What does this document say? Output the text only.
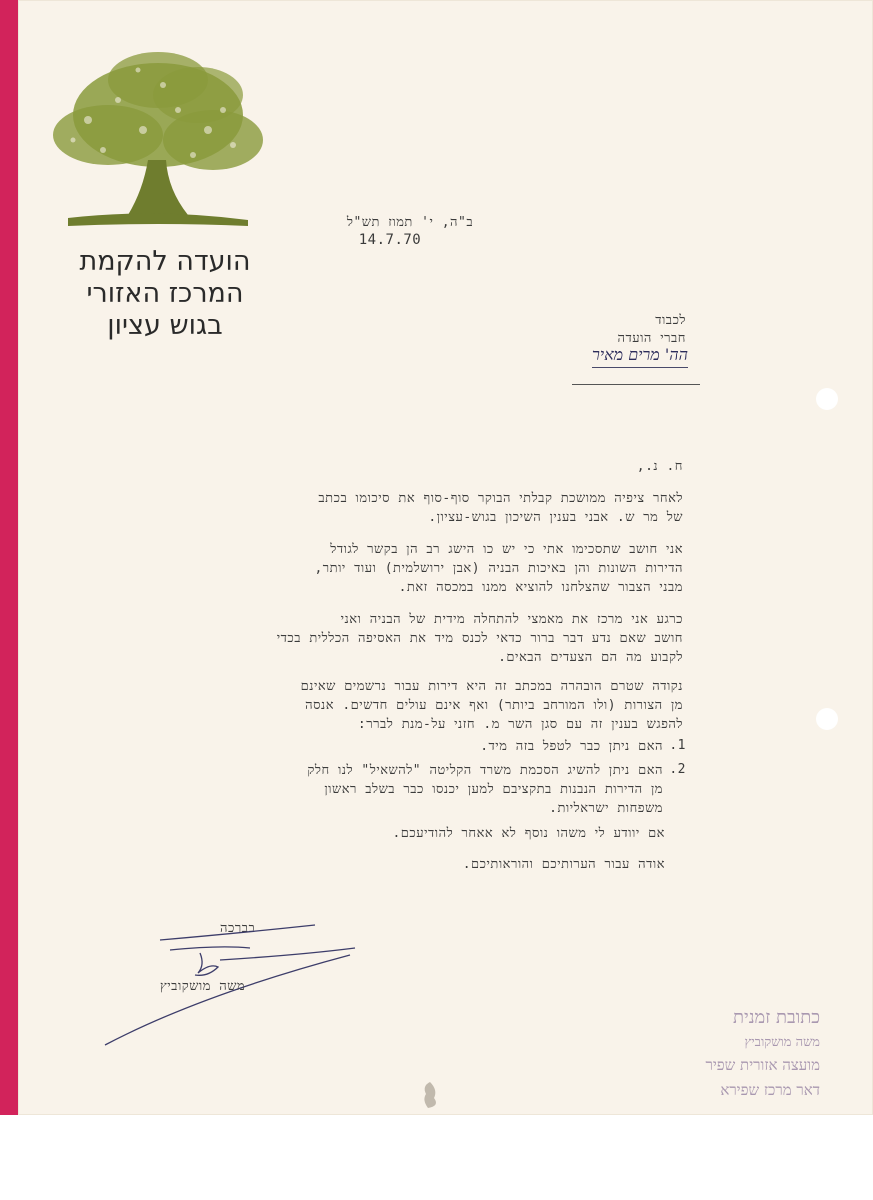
הועדה להקמת
המרכז האזורי
בגוש עציון
ב"ה, י' תמוז תש"ל
14.7.70
לכבוד
חברי הועדה
הה' מרים מאיר
ח. נ.,
לאחר ציפיה ממושכת קבלתי הבוקר סוף-סוף את סיכומו בכתב
של מר ש. אבני בענין השיכון בגוש-עציון.
אני חושב שתסכימו אתי כי יש כו הישג רב הן בקשר לגודל
הדירות השונות והן באיכות הבניה (אבן ירושלמית) ועוד יותר,
מבני הצבור שהצלחנו להוציא ממנו במכסה זאת.
כרגע אני מרכז את מאמצי להתחלה מידית של הבניה ואני
חושב שאם נדע דבר ברור כדאי לכנס מיד את האסיפה הכללית בכדי
לקבוע מה הם הצעדים הבאים.
נקודה שטרם הובהרה במכתב זה היא דירות עבור נרשמים שאינם
מן הצורות (ולו המורחב ביותר) ואף אינם עולים חדשים. אנסה
להפגש בענין זה עם סגן השר מ. חזני על-מנת לברר:
1.
האם ניתן כבר לטפל בזה מיד.
2.
האם ניתן להשיג הסכמת משרד הקליטה "להשאיל" לנו חלק
מן הדירות הנבנות בתקציבם למען יכנסו כבר בשלב ראשון
משפחות ישראליות.
אם יוודע לי משהו נוסף לא אאחר להודיעכם.
אודה עבור הערותיכם והוראותיכם.
בברכה
משה מושקוביץ
כתובת זמנית
משה מושקוביץ
מועצה אזורית שפיר
דאר מרכז שפירא
